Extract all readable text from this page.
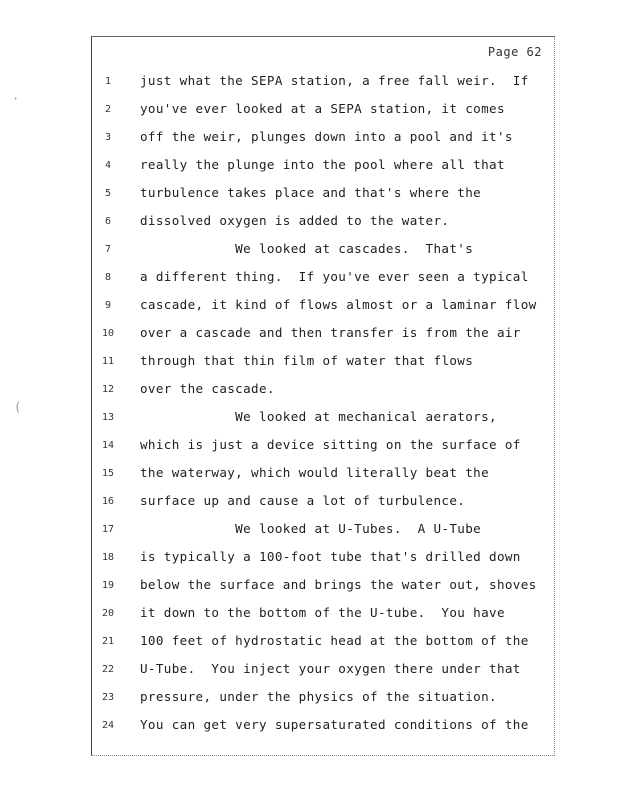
Page 62
1	just what the SEPA station, a free fall weir.  If
2	you've ever looked at a SEPA station, it comes
3	off the weir, plunges down into a pool and it's
4	really the plunge into the pool where all that
5	turbulence takes place and that's where the
6	dissolved oxygen is added to the water.
7	We looked at cascades.  That's
8	a different thing.  If you've ever seen a typical
9	cascade, it kind of flows almost or a laminar flow
10	over a cascade and then transfer is from the air
11	through that thin film of water that flows
12	over the cascade.
13	We looked at mechanical aerators,
14	which is just a device sitting on the surface of
15	the waterway, which would literally beat the
16	surface up and cause a lot of turbulence.
17	We looked at U-Tubes.  A U-Tube
18	is typically a 100-foot tube that's drilled down
19	below the surface and brings the water out, shoves
20	it down to the bottom of the U-tube.  You have
21	100 feet of hydrostatic head at the bottom of the
22	U-Tube.  You inject your oxygen there under that
23	pressure, under the physics of the situation.
24	You can get very supersaturated conditions of the
·
(
